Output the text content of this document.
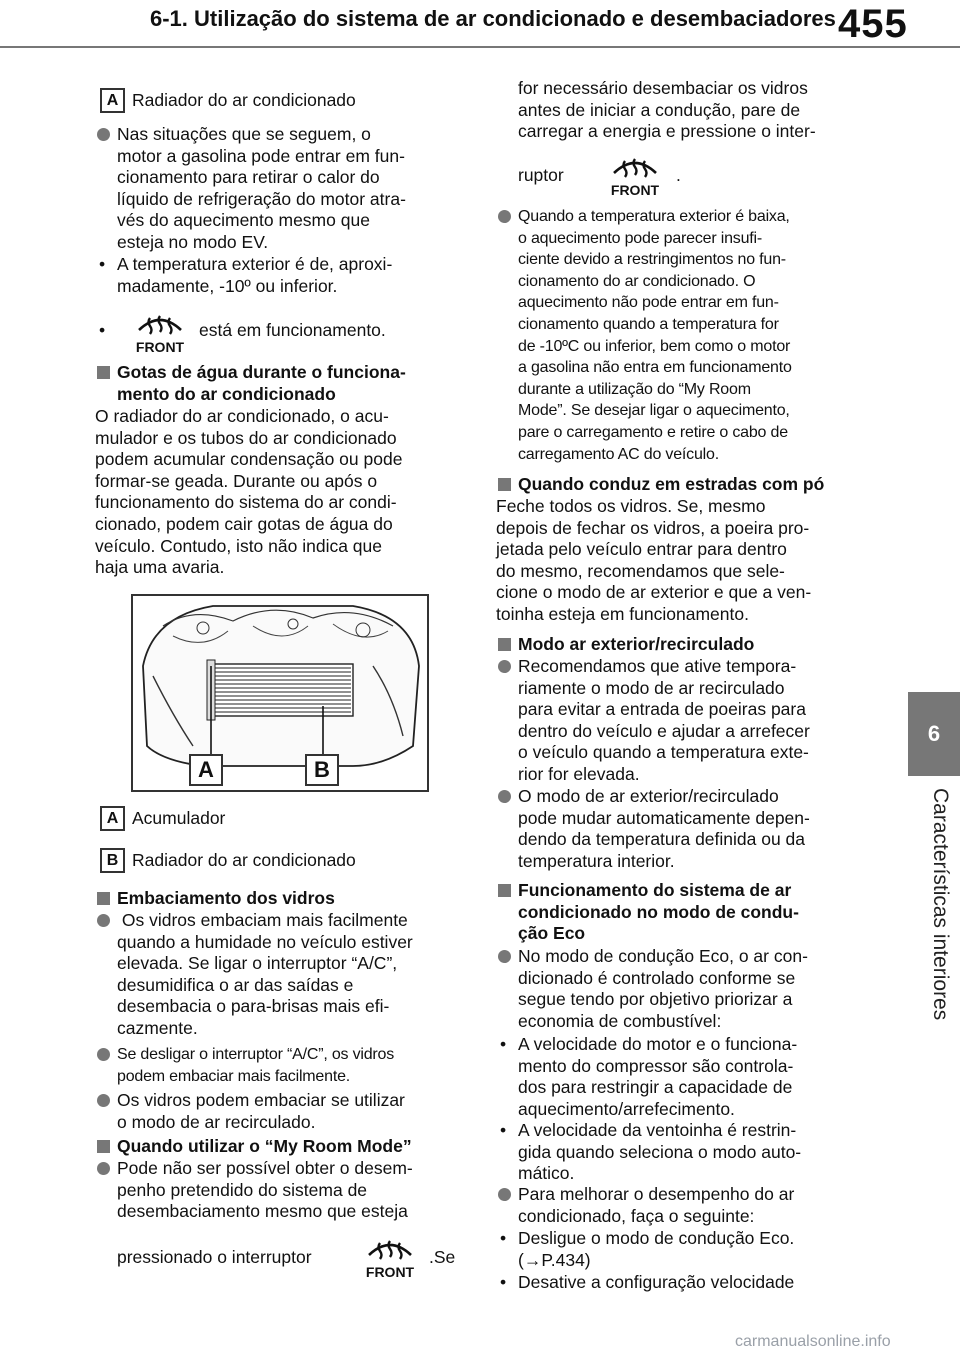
6-1. Utilização do sistema de ar condicionado e desembaciadores 455
6
Características interiores
A Radiador do ar condicionado
Nas situações que se seguem, o
motor a gasolina pode entrar em fun-
cionamento para retirar o calor do
líquido de refrigeração do motor atra-
vés do aquecimento mesmo que
esteja no modo EV.
• A temperatura exterior é de, aproxi-
madamente, -10º ou inferior.
•
FRONT
está em funcionamento.
Gotas de água durante o funciona-
mento do ar condicionado
O radiador do ar condicionado, o acu-
mulador e os tubos do ar condicionado
podem acumular condensação ou pode
formar-se geada. Durante ou após o
funcionamento do sistema do ar condi-
cionado, podem cair gotas de água do
veículo. Contudo, isto não indica que
haja uma avaria.
A	B
A Acumulador
B Radiador do ar condicionado
Embaciamento dos vidros
Os vidros embaciam mais facilmente
quando a humidade no veículo estiver
elevada. Se ligar o interruptor “A/C”,
desumidifica o ar das saídas e
desembacia o para-brisas mais efi-
cazmente.
Se desligar o interruptor “A/C”, os vidros
podem embaciar mais facilmente.
Os vidros podem embaciar se utilizar
o modo de ar recirculado.
Quando utilizar o “My Room Mode”
Pode não ser possível obter o desem-
penho pretendido do sistema de
desembaciamento mesmo que esteja
pressionado o interruptor
FRONT
.Se
for necessário desembaciar os vidros
antes de iniciar a condução, pare de
carregar a energia e pressione o inter-
ruptor
FRONT
.
Quando a temperatura exterior é baixa,
o aquecimento pode parecer insufi-
ciente devido a restringimentos no fun-
cionamento do ar condicionado. O
aquecimento não pode entrar em fun-
cionamento quando a temperatura for
de -10ºC ou inferior, bem como o motor
a gasolina não entra em funcionamento
durante a utilização do “My Room
Mode”. Se desejar ligar o aquecimento,
pare o carregamento e retire o cabo de
carregamento AC do veículo.
Quando conduz em estradas com pó
Feche todos os vidros. Se, mesmo
depois de fechar os vidros, a poeira pro-
jetada pelo veículo entrar para dentro
do mesmo, recomendamos que sele-
cione o modo de ar exterior e que a ven-
toinha esteja em funcionamento.
Modo ar exterior/recirculado
Recomendamos que ative tempora-
riamente o modo de ar recirculado
para evitar a entrada de poeiras para
dentro do veículo e ajudar a arrefecer
o veículo quando a temperatura exte-
rior for elevada.
O modo de ar exterior/recirculado
pode mudar automaticamente depen-
dendo da temperatura definida ou da
temperatura interior.
Funcionamento do sistema de ar
condicionado no modo de condu-
ção Eco
No modo de condução Eco, o ar con-
dicionado é controlado conforme se
segue tendo por objetivo priorizar a
economia de combustível:
• A velocidade do motor e o funciona-
mento do compressor são controla-
dos para restringir a capacidade de
aquecimento/arrefecimento.
• A velocidade da ventoinha é restrin-
gida quando seleciona o modo auto-
mático.
Para melhorar o desempenho do ar
condicionado, faça o seguinte:
• Desligue o modo de condução Eco.
(→P.434)
• Desative a configuração velocidade
carmanualsonline.info
